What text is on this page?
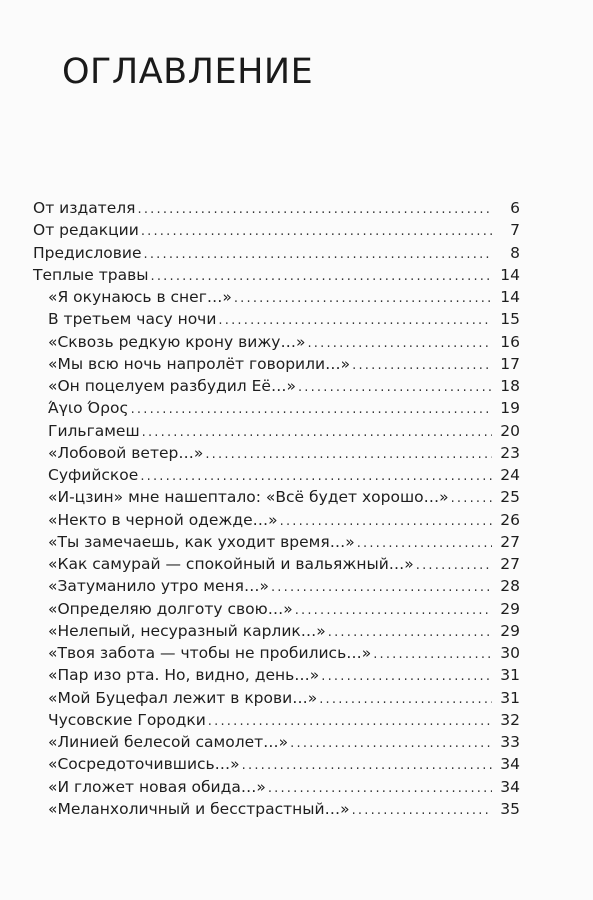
ОГЛАВЛЕНИЕ
От издателя .....	6
От редакции .....	7
Предисловие .....	8
Теплые травы .....	14
«Я окунаюсь в снег…» .....	14
В третьем часу ночи .....	15
«Сквозь редкую крону вижу…» .....	16
«Мы всю ночь напролёт говорили…» .....	17
«Он поцелуем разбудил Её…» .....	18
Άγιο Όρος .....	19
Гильгамеш .....	20
«Лобовой ветер…» .....	23
Суфийское .....	24
«И-цзин» мне нашептало: «Всё будет хорошо…» .....	25
«Некто в черной одежде…» .....	26
«Ты замечаешь, как уходит время…» .....	27
«Как самурай — спокойный и вальяжный…» .....	27
«Затуманило утро меня…» .....	28
«Определяю долготу свою…» .....	29
«Нелепый, несуразный карлик…» .....	29
«Твоя забота — чтобы не пробились…» .....	30
«Пар изо рта. Но, видно, день…» .....	31
«Мой Буцефал лежит в крови…» .....	31
Чусовские Городки .....	32
«Линией белесой самолет…» .....	33
«Сосредоточившись…» .....	34
«И гложет новая обида…» .....	34
«Меланхоличный и бесстрастный…» .....	35
